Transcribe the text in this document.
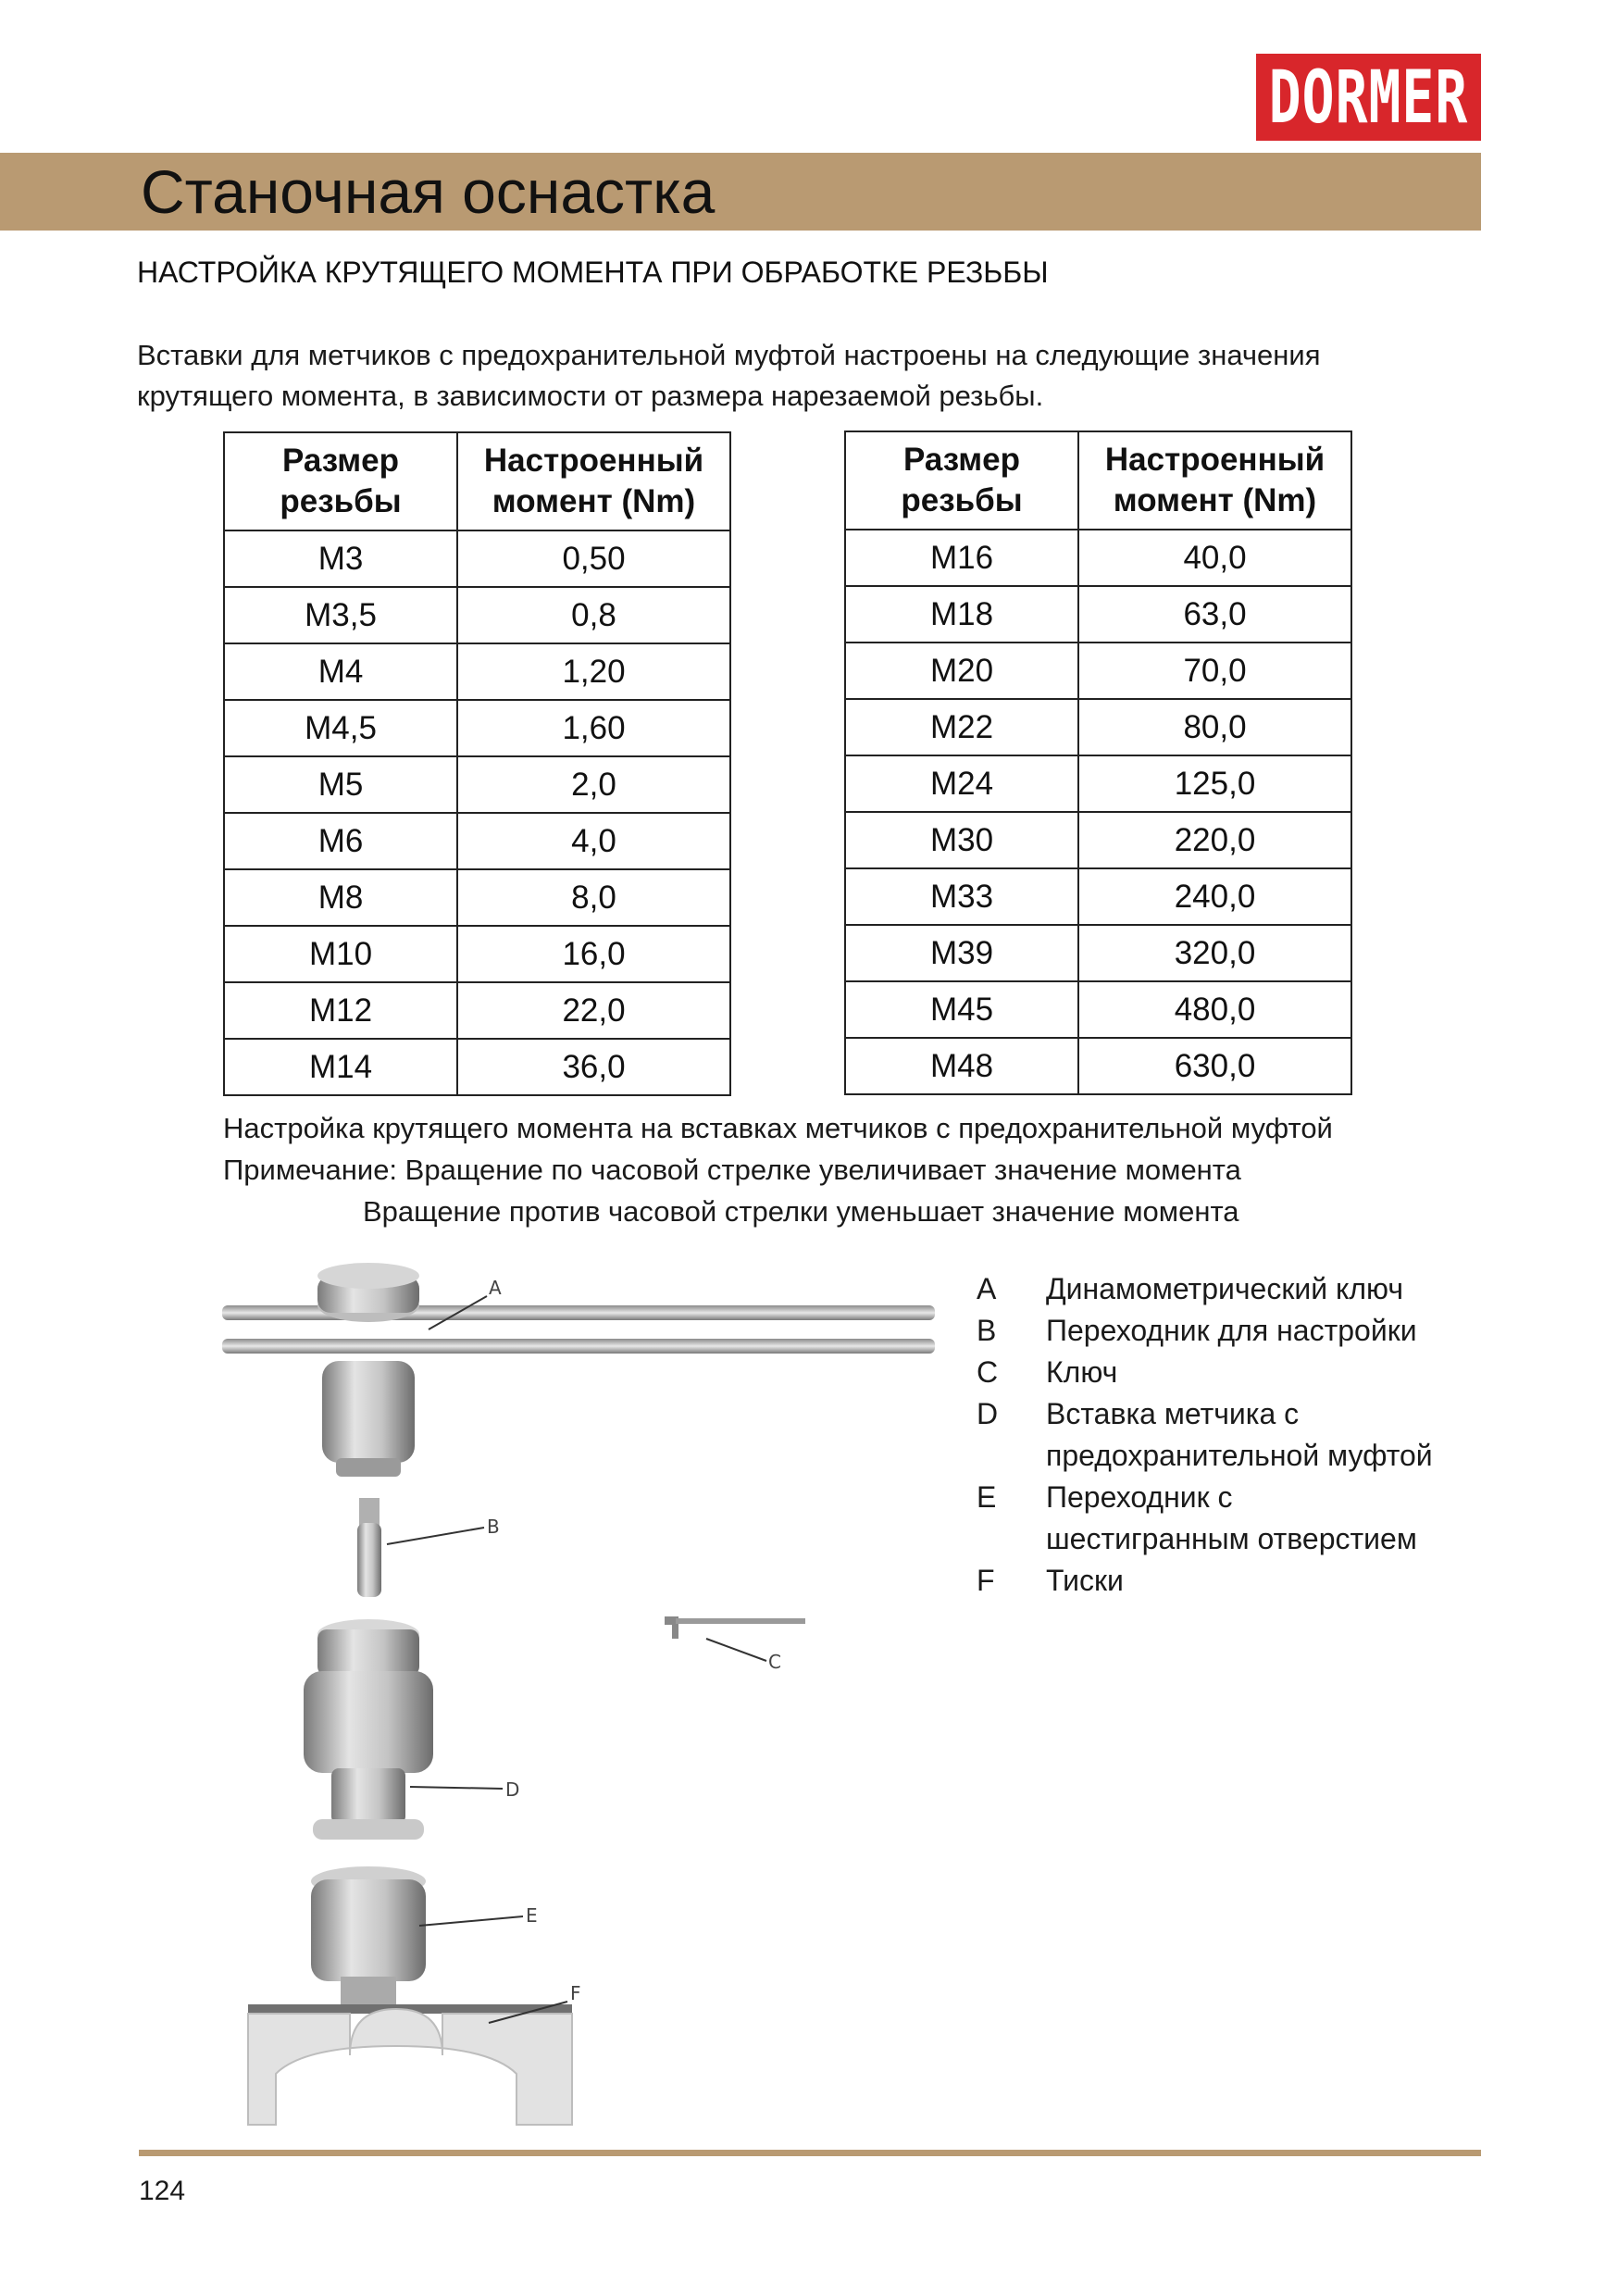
DORMER
Станочная оснастка
НАСТРОЙКА КРУТЯЩЕГО МОМЕНТА ПРИ ОБРАБОТКЕ РЕЗЬБЫ
Вставки для метчиков с предохранительной муфтой настроены на следующие значения
крутящего момента, в зависимости от размера нарезаемой резьбы.
Размер резьбы	Настроенный момент (Nm)
M3	0,50
M3,5	0,8
M4	1,20
M4,5	1,60
M5	2,0
M6	4,0
M8	8,0
M10	16,0
M12	22,0
M14	36,0
Размер резьбы	Настроенный момент (Nm)
M16	40,0
M18	63,0
M20	70,0
M22	80,0
M24	125,0
M30	220,0
M33	240,0
M39	320,0
M45	480,0
M48	630,0
Настройка крутящего момента на вставках метчиков с предохранительной муфтой
Примечание: Вращение по часовой стрелке увеличивает значение момента
Вращение против часовой стрелки уменьшает значение момента
A
B
C
D
E
F
A	Динамометрический ключ
B	Переходник для настройки
C	Ключ
D	Вставка метчика с
предохранительной муфтой
E	Переходник с
шестигранным отверстием
F	Тиски
124
